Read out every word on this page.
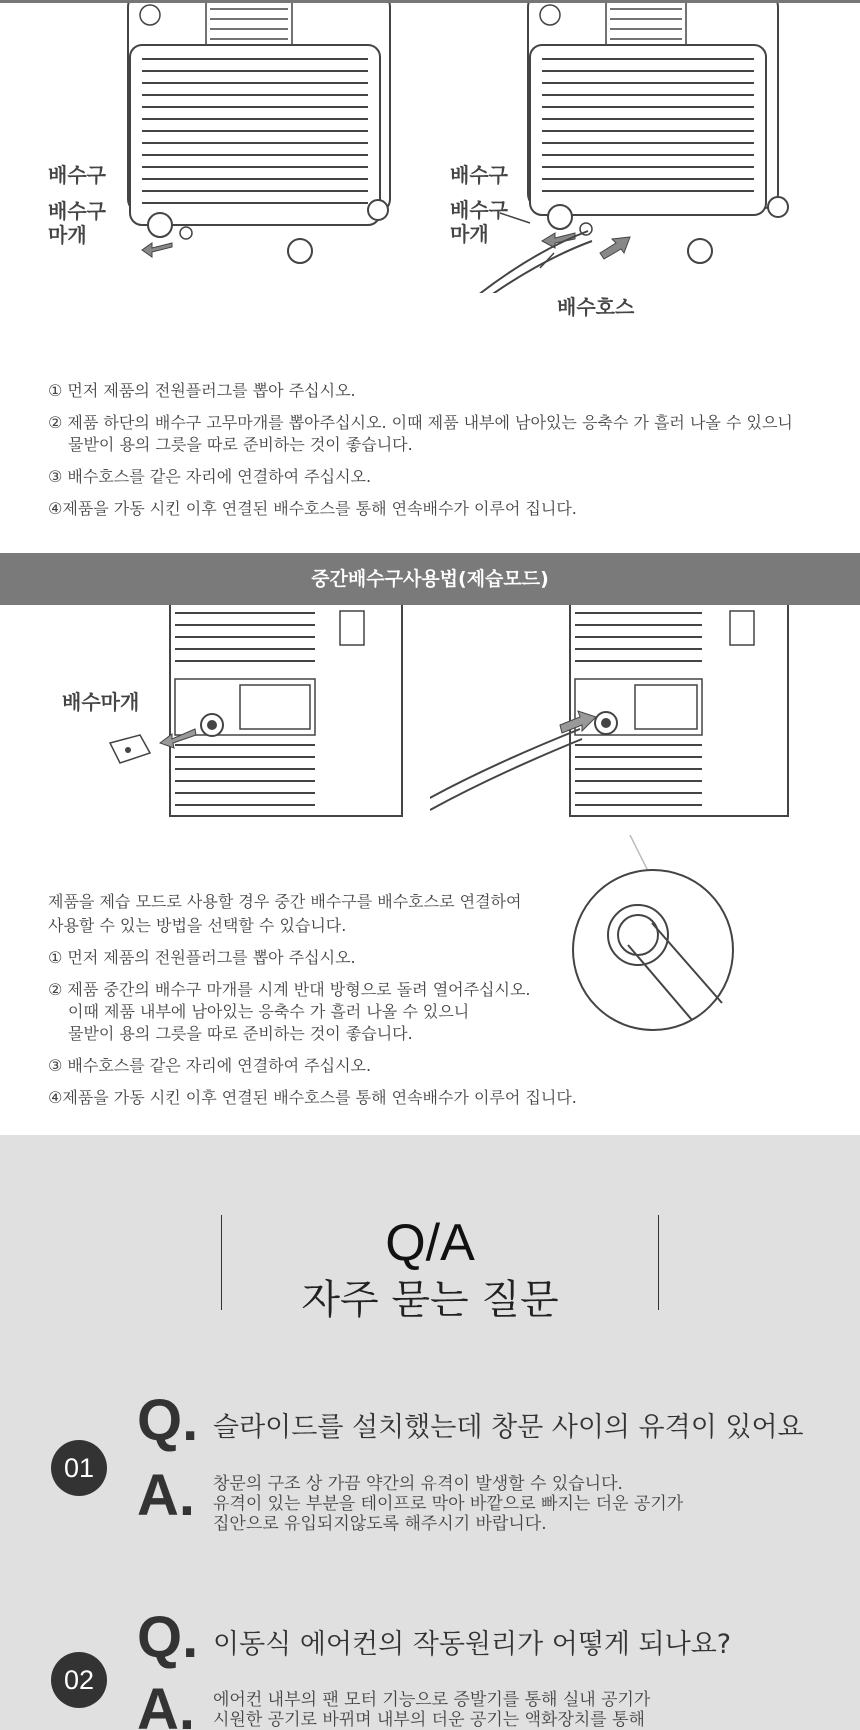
배수구
배수구
마개
배수구
배수구
마개
배수호스

① 먼저 제품의 전원플러그를 뽑아 주십시오.

② 제품 하단의 배수구 고무마개를 뽑아주십시오. 이때 제품 내부에 남아있는 응축수 가 흘러 나올 수 있으니

물받이 용의 그릇을 따로 준비하는 것이 좋습니다.

③ 배수호스를 같은 자리에 연결하여 주십시오.

④제품을 가동 시킨 이후 연결된 배수호스를 통해 연속배수가 이루어 집니다.

중간배수구사용법(제습모드)
배수마개

제품을 제습 모드로 사용할 경우 중간 배수구를 배수호스로 연결하여

사용할 수 있는 방법을 선택할 수 있습니다.

① 먼저 제품의 전원플러그를 뽑아 주십시오.

② 제품 중간의 배수구 마개를 시계 반대 방형으로 돌려 열어주십시오.

이때 제품 내부에 남아있는 응축수 가 흘러 나올 수 있으니

물받이 용의 그릇을 따로 준비하는 것이 좋습니다.

③ 배수호스를 같은 자리에 연결하여 주십시오.

④제품을 가동 시킨 이후 연결된 배수호스를 통해 연속배수가 이루어 집니다.

Q/A
자주 묻는 질문
01
Q. 슬라이드를 설치했는데 창문 사이의 유격이 있어요
A. 창문의 구조 상 가끔 약간의 유격이 발생할 수 있습니다.
유격이 있는 부분을 테이프로 막아 바깥으로 빠지는 더운 공기가
집안으로 유입되지않도록 해주시기 바랍니다.
02
Q. 이동식 에어컨의 작동원리가 어떻게 되나요?
A. 에어컨 내부의 팬 모터 기능으로 증발기를 통해 실내 공기가
시원한 공기로 바뀌며 내부의 더운 공기는 액화장치를 통해
